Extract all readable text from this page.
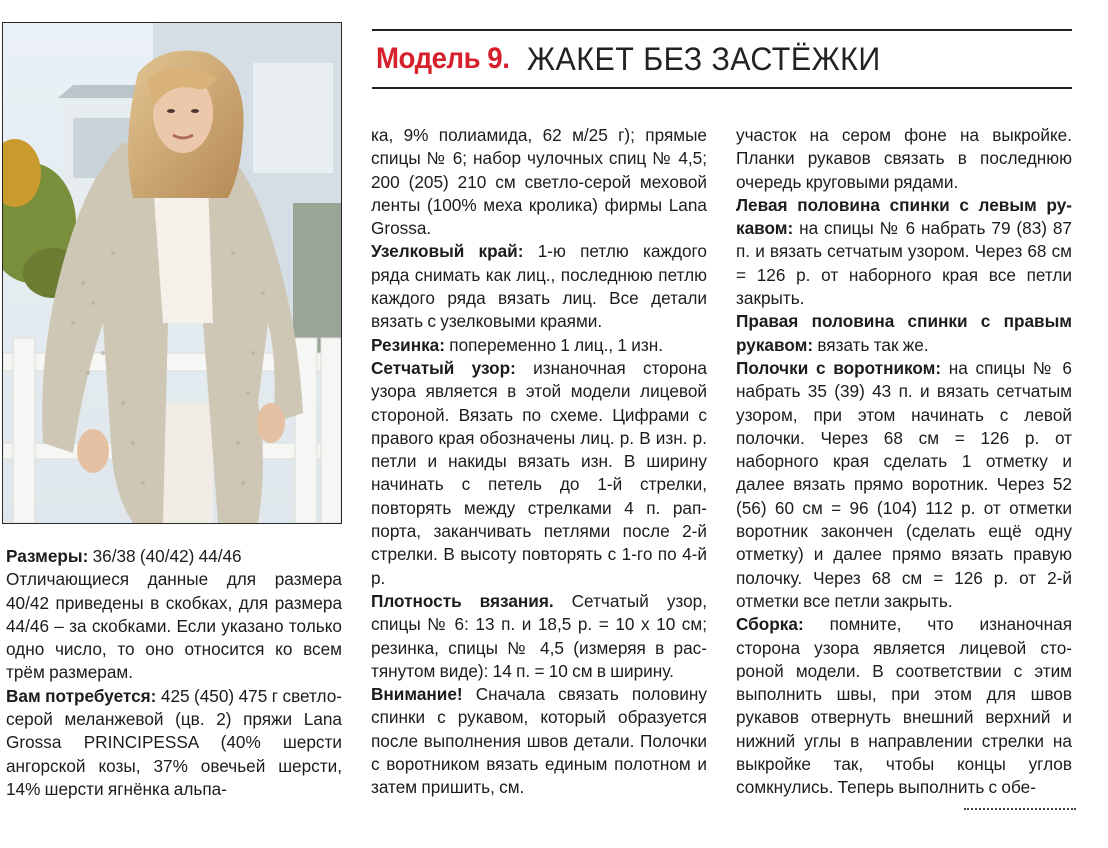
Модель 9. ЖАКЕТ БЕЗ ЗАСТЁЖКИ

Размеры: 36/38 (40/42) 44/46

Отличающиеся данные для размера 40/42 приведены в скобках, для размера 44/46 – за скобками. Если указано только одно число, то оно относится ко всем трём размерам.

Вам потребуется: 425 (450) 475 г светло-серой меланжевой (цв. 2) пряжи Lana Grossa PRINCIPESSA (40% шерсти ангорской козы, 37% овечьей шерсти, 14% шерсти ягнёнка альпа-

ка, 9% полиамида, 62 м/25 г); прямые спицы № 6; набор чулочных спиц № 4,5; 200 (205) 210 см светло-серой меховой ленты (100% меха кролика) фирмы Lana Grossa.

Узелковый край: 1-ю петлю каждого ряда снимать как лиц., последнюю петлю каждого ряда вязать лиц. Все детали вязать с узелковыми краями.

Резинка: попеременно 1 лиц., 1 изн.

Сетчатый узор: изнаночная сторона узора является в этой модели лицевой стороной. Вязать по схеме. Цифрами с правого края обозначены лиц. р. В изн. р. петли и накиды вязать изн. В ширину начинать с петель до 1-й стрелки, повторять между стрелками 4 п. раппорта, заканчивать петлями после 2-й стрелки. В высоту повторять с 1-го по 4-й р.

Плотность вязания. Сетчатый узор, спицы № 6: 13 п. и 18,5 р. = 10 х 10 см; резинка, спицы № 4,5 (измеряя в растянутом виде): 14 п. = 10 см в ширину.

Внимание! Сначала связать половину спинки с рукавом, который образуется после выполнения швов детали. Полочки с воротником вязать единым полотном и затем пришить, см.

участок на сером фоне на выкройке. Планки рукавов связать в последнюю очередь круговыми рядами.

Левая половина спинки с левым рукавом: на спицы № 6 набрать 79 (83) 87 п. и вязать сетчатым узором. Через 68 см = 126 р. от наборного края все петли закрыть.

Правая половина спинки с правым рукавом: вязать так же.

Полочки с воротником: на спицы № 6 набрать 35 (39) 43 п. и вязать сетчатым узором, при этом начинать с левой полочки. Через 68 см = 126 р. от наборного края сделать 1 отметку и далее вязать прямо воротник. Через 52 (56) 60 см = 96 (104) 112 р. от отметки воротник закончен (сделать ещё одну отметку) и далее прямо вязать правую полочку. Через 68 см = 126 р. от 2-й отметки все петли закрыть.

Сборка: помните, что изнаночная сторона узора является лицевой стороной модели. В соответствии с этим выполнить швы, при этом для швов рукавов отвернуть внешний верхний и нижний углы в направлении стрелки на выкройке так, чтобы концы углов сомкнулись. Теперь выполнить с обе-
